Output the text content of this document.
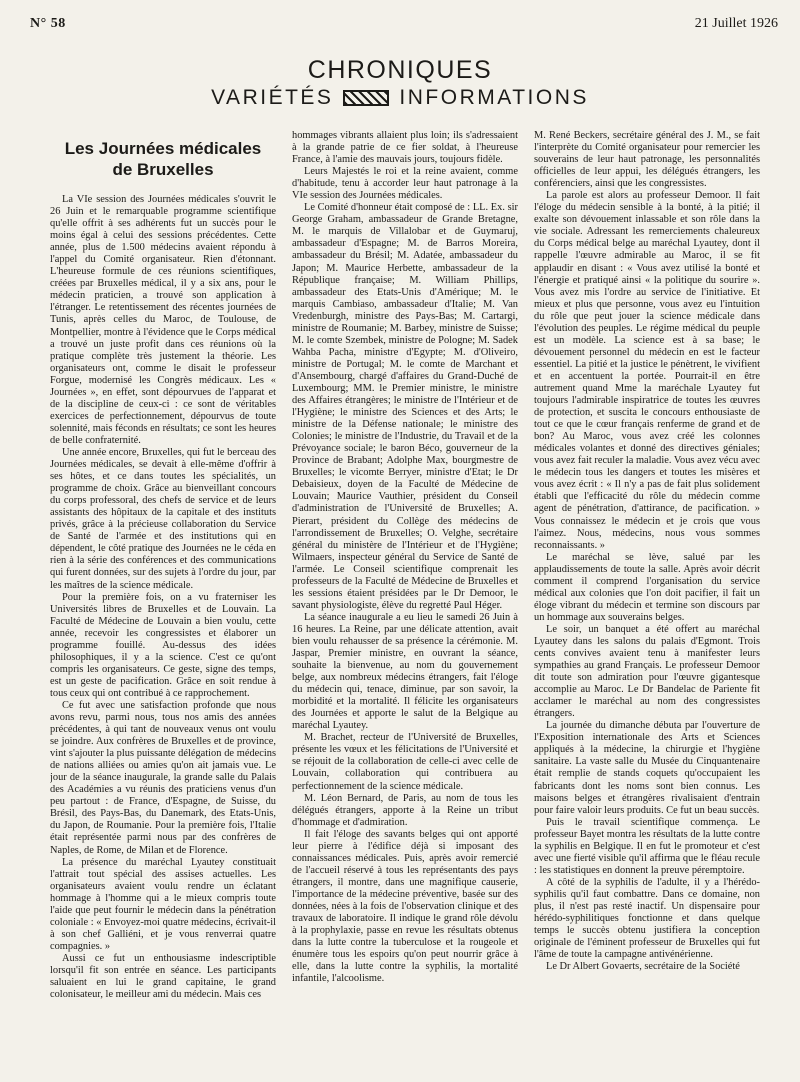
N° 58	21 Juillet 1926
CHRONIQUES
VARIÉTÉS	INFORMATIONS
Les Journées médicales
de Bruxelles

La VIe session des Journées médicales s'ouvrit le 26 Juin et le remarquable programme scientifique qu'elle offrit à ses adhérents fut un succès pour le moins égal à celui des sessions précédentes. Cette année, plus de 1.500 médecins avaient répondu à l'appel du Comité organisateur. Rien d'étonnant. L'heureuse formule de ces réunions scientifiques, créées par Bruxelles médical, il y a six ans, pour le médecin praticien, a trouvé son application à l'étranger. Le retentissement des récentes journées de Tunis, après celles du Maroc, de Toulouse, de Montpellier, montre à l'évidence que le Corps médical a trouvé un juste profit dans ces réunions où la pratique complète très justement la théorie. Les organisateurs ont, comme le disait le professeur Forgue, modernisé les Congrès médicaux. Les « Journées », en effet, sont dépourvues de l'apparat et de la discipline de ceux-ci : ce sont de véritables exercices de perfectionnement, dépourvus de toute solennité, mais féconds en résultats; ce sont les heures de belle confraternité.

Une année encore, Bruxelles, qui fut le berceau des Journées médicales, se devait à elle-même d'offrir à ses hôtes, et ce dans toutes les spécialités, un programme de choix. Grâce au bienveillant concours du corps professoral, des chefs de service et de leurs assistants des hôpitaux de la capitale et des instituts privés, grâce à la précieuse collaboration du Service de Santé de l'armée et des institutions qui en dépendent, le côté pratique des Journées ne le céda en rien à la série des conférences et des communications qui furent données, sur des sujets à l'ordre du jour, par les maîtres de la science médicale.

Pour la première fois, on a vu fraterniser les Universités libres de Bruxelles et de Louvain. La Faculté de Médecine de Louvain a bien voulu, cette année, recevoir les congressistes et élaborer un programme fouillé. Au-dessus des idées philosophiques, il y a la science. C'est ce qu'ont compris les organisateurs. Ce geste, signe des temps, est un geste de pacification. Grâce en soit rendue à tous ceux qui ont contribué à ce rapprochement.

Ce fut avec une satisfaction profonde que nous avons revu, parmi nous, tous nos amis des années précédentes, à qui tant de nouveaux venus ont voulu se joindre. Aux confrères de Bruxelles et de province, vint s'ajouter la plus puissante délégation de médecins de nations alliées ou amies qu'on ait jamais vue. Le jour de la séance inaugurale, la grande salle du Palais des Académies a vu réunis des praticiens venus d'un peu partout : de France, d'Espagne, de Suisse, du Brésil, des Pays-Bas, du Danemark, des Etats-Unis, du Japon, de Roumanie. Pour la première fois, l'Italie était représentée parmi nous par des confrères de Naples, de Rome, de Milan et de Florence.

La présence du maréchal Lyautey constituait l'attrait tout spécial des assises actuelles. Les organisateurs avaient voulu rendre un éclatant hommage à l'homme qui a le mieux compris toute l'aide que peut fournir le médecin dans la pénétration coloniale : « Envoyez-moi quatre médecins, écrivait-il à son chef Galliéni, et je vous renverrai quatre compagnies. »

Aussi ce fut un enthousiasme indescriptible lorsqu'il fit son entrée en séance. Les participants saluaient en lui le grand capitaine, le grand colonisateur, le meilleur ami du médecin. Mais ces

hommages vibrants allaient plus loin; ils s'adressaient à la grande patrie de ce fier soldat, à l'heureuse France, à l'amie des mauvais jours, toujours fidèle.

Leurs Majestés le roi et la reine avaient, comme d'habitude, tenu à accorder leur haut patronage à la VIe session des Journées médicales.

Le Comité d'honneur était composé de : LL. Ex. sir George Graham, ambassadeur de Grande Bretagne, M. le marquis de Villalobar et de Guymaruj, ambassadeur d'Espagne; M. de Barros Moreira, ambassadeur du Brésil; M. Adatée, ambassadeur du Japon; M. Maurice Herbette, ambassadeur de la République française; M. William Phillips, ambassadeur des Etats-Unis d'Amérique; M. le marquis Cambiaso, ambassadeur d'Italie; M. Van Vredenburgh, ministre des Pays-Bas; M. Cartargi, ministre de Roumanie; M. Barbey, ministre de Suisse; M. le comte Szembek, ministre de Pologne; M. Sadek Wahba Pacha, ministre d'Egypte; M. d'Oliveiro, ministre de Portugal; M. le comte de Marchant et d'Ansembourg, chargé d'affaires du Grand-Duché de Luxembourg; MM. le Premier ministre, le ministre des Affaires étrangères; le ministre de l'Intérieur et de l'Hygiène; le ministre des Sciences et des Arts; le ministre de la Défense nationale; le ministre des Colonies; le ministre de l'Industrie, du Travail et de la Prévoyance sociale; le baron Béco, gouverneur de la Province de Brabant; Adolphe Max, bourgmestre de Bruxelles; le vicomte Berryer, ministre d'Etat; le Dr Debaisieux, doyen de la Faculté de Médecine de Louvain; Maurice Vauthier, président du Conseil d'administration de l'Université de Bruxelles; A. Pierart, président du Collège des médecins de l'arrondissement de Bruxelles; O. Velghe, secrétaire général du ministère de l'Intérieur et de l'Hygiène; Wilmaers, inspecteur général du Service de Santé de l'armée. Le Conseil scientifique comprenait les professeurs de la Faculté de Médecine de Bruxelles et les sessions étaient présidées par le Dr Demoor, le savant physiologiste, élève du regretté Paul Héger.

La séance inaugurale a eu lieu le samedi 26 Juin à 16 heures. La Reine, par une délicate attention, avait bien voulu rehausser de sa présence la cérémonie. M. Jaspar, Premier ministre, en ouvrant la séance, souhaite la bienvenue, au nom du gouvernement belge, aux nombreux médecins étrangers, fait l'éloge du médecin qui, tenace, diminue, par son savoir, la morbidité et la mortalité. Il félicite les organisateurs des Journées et apporte le salut de la Belgique au maréchal Lyautey.

M. Brachet, recteur de l'Université de Bruxelles, présente les vœux et les félicitations de l'Université et se réjouit de la collaboration de celle-ci avec celle de Louvain, collaboration qui contribuera au perfectionnement de la science médicale.

M. Léon Bernard, de Paris, au nom de tous les délégués étrangers, apporte à la Reine un tribut d'hommage et d'admiration.

Il fait l'éloge des savants belges qui ont apporté leur pierre à l'édifice déjà si imposant des connaissances médicales. Puis, après avoir remercié de l'accueil réservé à tous les représentants des pays étrangers, il montre, dans une magnifique causerie, l'importance de la médecine préventive, basée sur des données, nées à la fois de l'observation clinique et des travaux de laboratoire. Il indique le grand rôle dévolu à la prophylaxie, passe en revue les résultats obtenus dans la lutte contre la tuberculose et la rougeole et énumère tous les espoirs qu'on peut nourrir grâce à elle, dans la lutte contre la syphilis, la mortalité infantile, l'alcoolisme.

M. René Beckers, secrétaire général des J. M., se fait l'interprète du Comité organisateur pour remercier les souverains de leur haut patronage, les personnalités officielles de leur appui, les délégués étrangers, les conférenciers, ainsi que les congressistes.

La parole est alors au professeur Demoor. Il fait l'éloge du médecin sensible à la bonté, à la pitié; il exalte son dévouement inlassable et son rôle dans la vie sociale. Adressant les remerciements chaleureux du Corps médical belge au maréchal Lyautey, dont il rappelle l'œuvre admirable au Maroc, il se fit applaudir en disant : « Vous avez utilisé la bonté et l'énergie et pratiqué ainsi « la politique du sourire ». Vous avez mis l'ordre au service de l'initiative. Et mieux et plus que personne, vous avez eu l'intuition du rôle que peut jouer la science médicale dans l'évolution des peuples. Le régime médical du peuple est un modèle. La science est à sa base; le dévouement personnel du médecin en est le facteur essentiel. La pitié et la justice le pénètrent, le vivifient et en accentuent la portée. Pourrait-il en être autrement quand Mme la maréchale Lyautey fut toujours l'admirable inspiratrice de toutes les œuvres de protection, et suscita le concours enthousiaste de tout ce que le cœur français renferme de grand et de bon? Au Maroc, vous avez créé les colonnes médicales volantes et donné des directives géniales; vous avez fait reculer la maladie. Vous avez vécu avec le médecin tous les dangers et toutes les misères et vous avez écrit : « Il n'y a pas de fait plus solidement établi que l'efficacité du rôle du médecin comme agent de pénétration, d'attirance, de pacification. » Vous connaissez le médecin et je crois que vous l'aimez. Nous, médecins, nous vous sommes reconnaissants. »

Le maréchal se lève, salué par les applaudissements de toute la salle. Après avoir décrit comment il comprend l'organisation du service médical aux colonies que l'on doit pacifier, il fait un éloge vibrant du médecin et termine son discours par un hommage aux souverains belges.

Le soir, un banquet a été offert au maréchal Lyautey dans les salons du palais d'Egmont. Trois cents convives avaient tenu à manifester leurs sympathies au grand Français. Le professeur Demoor dit toute son admiration pour l'œuvre gigantesque accomplie au Maroc. Le Dr Bandelac de Pariente fit acclamer le maréchal au nom des congressistes étrangers.

La journée du dimanche débuta par l'ouverture de l'Exposition internationale des Arts et Sciences appliqués à la médecine, la chirurgie et l'hygiène sanitaire. La vaste salle du Musée du Cinquantenaire était remplie de stands coquets qu'occupaient les fabricants dont les noms sont bien connus. Les maisons belges et étrangères rivalisaient d'entrain pour faire valoir leurs produits. Ce fut un beau succès.

Puis le travail scientifique commença. Le professeur Bayet montra les résultats de la lutte contre la syphilis en Belgique. Il en fut le promoteur et c'est avec une fierté visible qu'il affirma que le fléau recule : les statistiques en donnent la preuve péremptoire.

A côté de la syphilis de l'adulte, il y a l'hérédo-syphilis qu'il faut combattre. Dans ce domaine, non plus, il n'est pas resté inactif. Un dispensaire pour hérédo-syphilitiques fonctionne et dans quelque temps le succès obtenu justifiera la conception originale de l'éminent professeur de Bruxelles qui fut l'âme de toute la campagne antivénérienne.

Le Dr Albert Govaerts, secrétaire de la Société
